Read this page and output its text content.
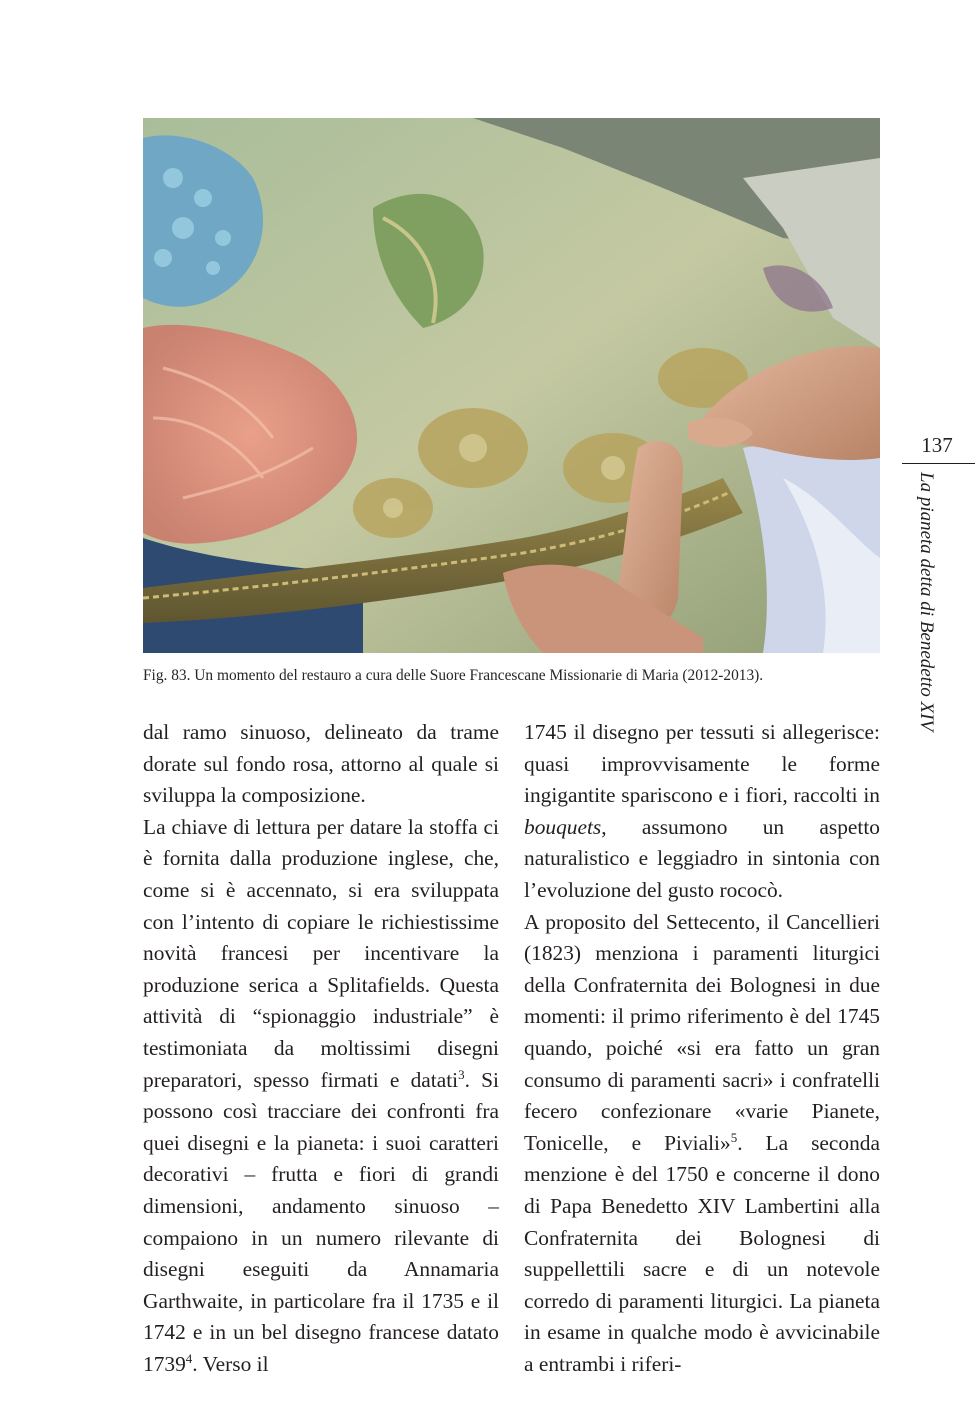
Fig. 83. Un momento del restauro a cura delle Suore Francescane Missionarie di Maria (2012-2013).

dal ramo sinuoso, delineato da trame dorate sul fondo rosa, attorno al quale si sviluppa la composizione.

La chiave di lettura per datare la stoffa ci è fornita dalla produzione inglese, che, come si è accennato, si era sviluppata con l’intento di copiare le richiestissime novità francesi per incentivare la produzione serica a Splitafields. Questa attività di “spionaggio industriale” è testimoniata da moltissimi disegni preparatori, spesso firmati e datati$^3$. Si possono così tracciare dei confronti fra quei disegni e la pianeta: i suoi caratteri decorativi – frutta e fiori di grandi dimensioni, andamento sinuoso – compaiono in un numero rilevante di disegni eseguiti da Annamaria Garthwaite, in particolare fra il 1735 e il 1742 e in un bel disegno francese datato 1739$^4$. Verso il

1745 il disegno per tessuti si allegerisce: quasi improvvisamente le forme ingigantite spariscono e i fiori, raccolti in bouquets, assumono un aspetto naturalistico e leggiadro in sintonia con l’evoluzione del gusto rococò.

A proposito del Settecento, il Cancellieri (1823) menziona i paramenti liturgici della Confraternita dei Bolognesi in due momenti: il primo riferimento è del 1745 quando, poiché «si era fatto un gran consumo di paramenti sacri» i confratelli fecero confezionare «varie Pianete, Tonicelle, e Piviali»$^5$. La seconda menzione è del 1750 e concerne il dono di Papa Benedetto XIV Lambertini alla Confraternita dei Bolognesi di suppellettili sacre e di un notevole corredo di paramenti liturgici. La pianeta in esame in qualche modo è avvicinabile a entrambi i riferi-

137
La pianeta detta di Benedetto XIV
